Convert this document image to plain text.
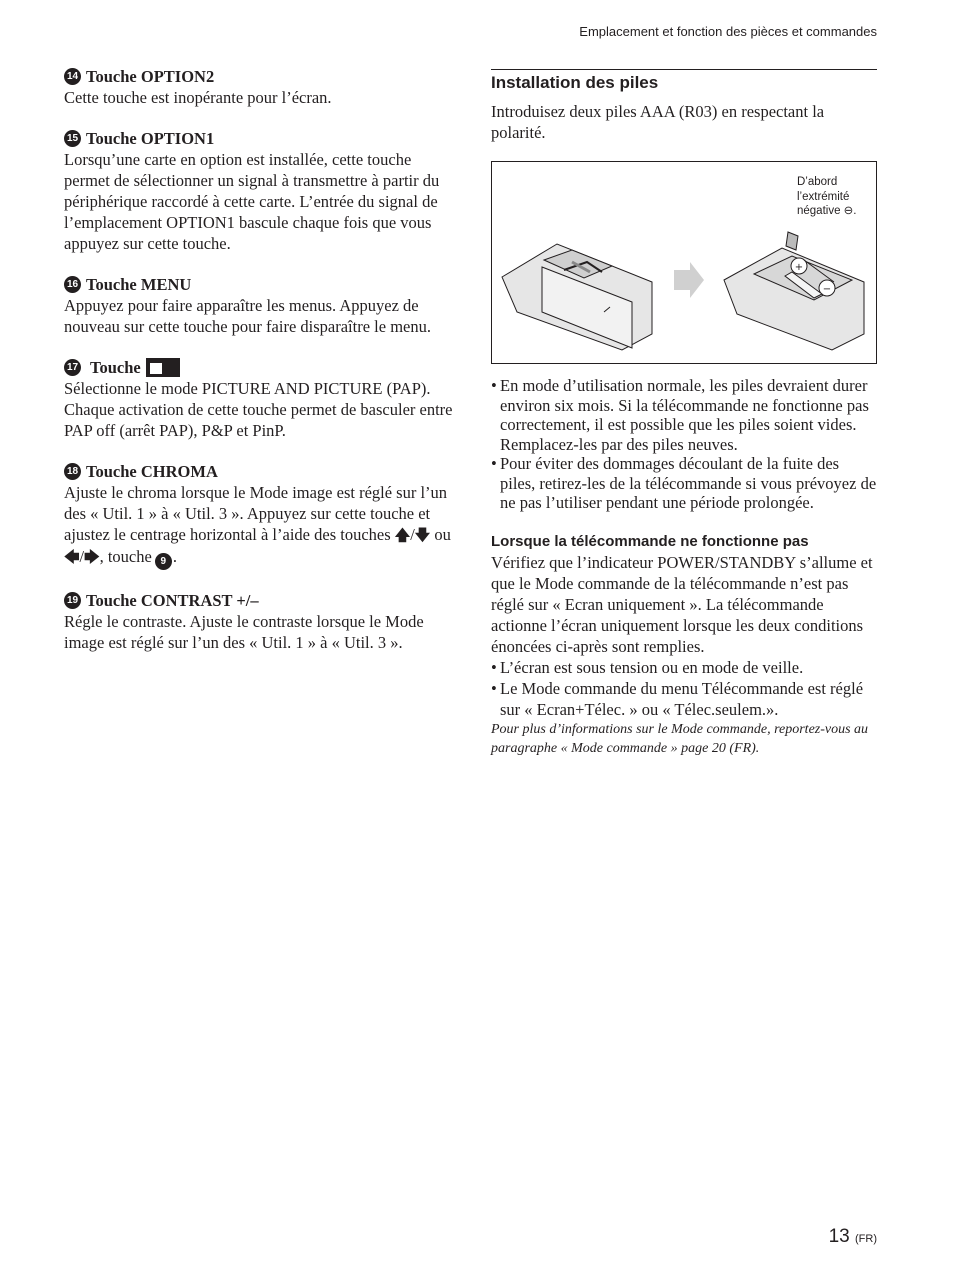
Emplacement et fonction des pièces et commandes
14 Touche OPTION2
Cette touche est inopérante pour l’écran.
15 Touche OPTION1
Lorsqu’une carte en option est installée, cette touche permet de sélectionner un signal à transmettre à partir du périphérique raccordé à cette carte. L’entrée du signal de l’emplacement OPTION1 bascule chaque fois que vous appuyez sur cette touche.
16 Touche MENU
Appuyez pour faire apparaître les menus. Appuyez de nouveau sur cette touche pour faire disparaître le menu.
17 Touche
Sélectionne le mode PICTURE AND PICTURE (PAP). Chaque activation de cette touche permet de basculer entre PAP off (arrêt PAP), P&P et PinP.
18 Touche CHROMA
Ajuste le chroma lorsque le Mode image est réglé sur l’un des « Util. 1 » à « Util. 3 ». Appuyez sur cette touche et ajustez le centrage horizontal à l’aide des touches 🡅/🡇 ou 🡄/🡆, touche 9 .
19 Touche CONTRAST +/–
Régle le contraste. Ajuste le contraste lorsque le Mode image est réglé sur l’un des « Util. 1 » à « Util. 3 ».
Installation des piles
Introduisez deux piles AAA (R03) en respectant la polarité.
+
−
D’abord l’extrémité négative ⊖.
• En mode d’utilisation normale, les piles devraient durer environ six mois. Si la télécommande ne fonctionne pas correctement, il est possible que les piles soient vides. Remplacez-les par des piles neuves.
• Pour éviter des dommages découlant de la fuite des piles, retirez-les de la télécommande si vous prévoyez de ne pas l’utiliser pendant une période prolongée.
Lorsque la télécommande ne fonctionne pas
Vérifiez que l’indicateur POWER/STANDBY s’allume et que le Mode commande de la télécommande n’est pas réglé sur « Ecran uniquement ». La télécommande actionne l’écran uniquement lorsque les deux conditions énoncées ci-après sont remplies.
• L’écran est sous tension ou en mode de veille.
• Le Mode commande du menu Télécommande est réglé sur « Ecran+Télec. » ou « Télec.seulem.».
Pour plus d’informations sur le Mode commande, reportez-vous au paragraphe « Mode commande » page 20 (FR).
13 (FR)
